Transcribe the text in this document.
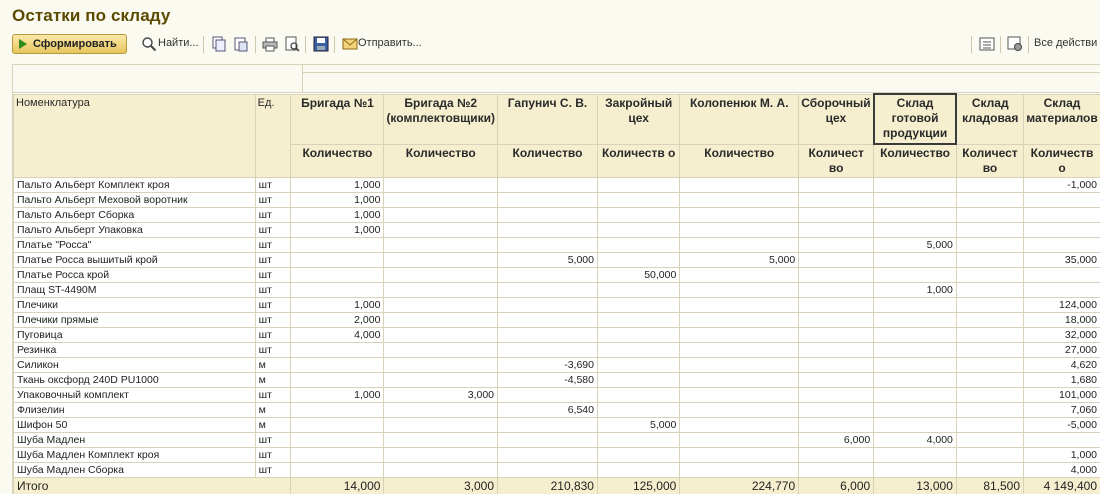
Остатки по складу
Сформировать	Найти...	Отправить...	Все действи
Номенклатура	Ед.	Бригада №1	Бригада №2 (комплектовщики)	Гапунич С. В.	Закройный цех	Колопенюк М. А.	Сборочный цех	Склад готовой продукции	Склад кладовая	Склад материалов
		Количество	Количество	Количество	Количеств о	Количество	Количест во	Количество	Количест во	Количеств о
Пальто Альберт Комплект кроя	шт	1,000								-1,000
Пальто Альберт Меховой воротник	шт	1,000								
Пальто Альберт Сборка	шт	1,000								
Пальто Альберт Упаковка	шт	1,000								
Платье "Росса"	шт							5,000		
Платье Росса вышитый крой	шт			5,000		5,000				35,000
Платье Росса крой	шт				50,000					
Плащ ST-4490M	шт							1,000		
Плечики	шт	1,000								124,000
Плечики прямые	шт	2,000								18,000
Пуговица	шт	4,000								32,000
Резинка	шт									27,000
Силикон	м			-3,690						4,620
Ткань оксфорд 240D PU1000	м			-4,580						1,680
Упаковочный комплект	шт	1,000	3,000							101,000
Флизелин	м			6,540						7,060
Шифон 50	м				5,000					-5,000
Шуба Мадлен	шт						6,000	4,000		
Шуба Мадлен Комплект кроя	шт									1,000
Шуба Мадлен Сборка	шт									4,000
Итого		14,000	3,000	210,830	125,000	224,770	6,000	13,000	81,500	4 149,400
